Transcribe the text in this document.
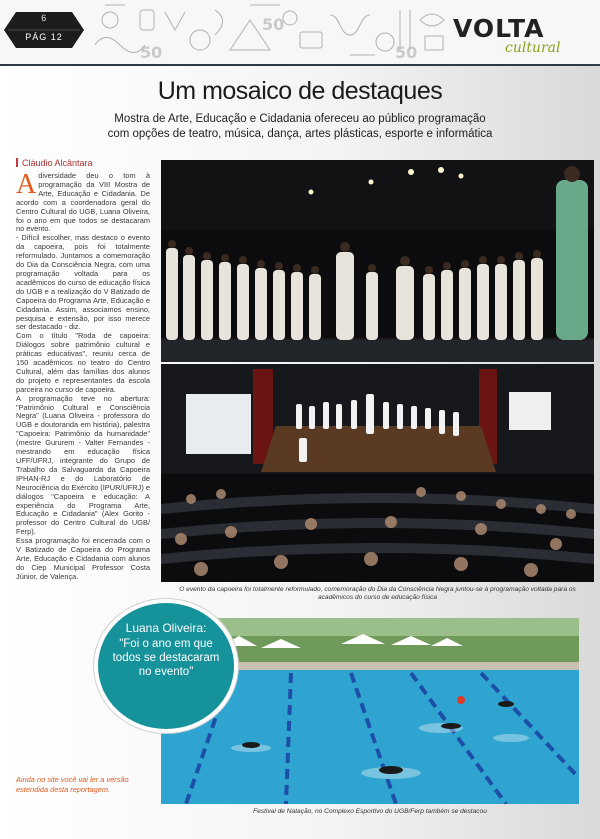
50
50
50
6
PÁG 12	VOLTA
cultural
Um mosaico de destaques
Mostra de Arte, Educação e Cidadania ofereceu ao público programação com opções de teatro, música, dança, artes plásticas, esporte e informática
Cláudio Alcântara

Adiversidade deu o tom à programação da VIII Mostra de Arte, Educação e Cidadania. De acordo com a coordenadora geral do Centro Cultural do UGB, Luana Oliveira, foi o ano em que todos se destacaram no evento.

- Difícil escolher, mas destaco o evento da capoeira, pois foi totalmente reformulado. Juntamos a comemoração do Dia da Consciência Negra, com uma programação voltada para os acadêmicos do curso de educação física do UGB e a realização do V Batizado de Capoeira do Programa Arte, Educação e Cidadania. Assim, associamos ensino, pesquisa e extensão, por isso merece ser destacado - diz.

Com o título "Roda de capoeira: Diálogos sobre patrimônio cultural e práticas educativas", reuniu cerca de 150 acadêmicos no teatro do Centro Cultural, além das famílias dos alunos do projeto e representantes da escola parceira no curso de capoeira.

A programação teve no abertura: "Patrimônio Cultural e Consciência Negra" (Luana Oliveira - professora do UGB e doutoranda em história), palestra "Capoeira: Patrimônio da humanidade" (mestre Gururem - Valter Fernandes - mestrando em educação física UFF/UFRJ, integrante do Grupo de Trabalho da Salvaguarda da Capoeira IPHAN-RJ e do Laboratório de Neurociência do Exército (IPUR/UFRJ) e diálogos "Capoeira e educação: A experiência do Programa Arte, Educação e Cidadania" (Alex Gorito - professor do Centro Cultural do UGB/ Ferp).

Essa programação foi encerrada com o V Batizado de Capoeira do Programa Arte, Educação e Cidadania com alunos do Ciep Municipal Professor Costa Júnior, de Valença.

Ainda no site você vai ler a versão estendida desta reportagem.
O evento da capoeira foi totalmente reformulado, comemoração do Dia da Consciência Negra juntou-se à programação voltada para os acadêmicos do curso de educação física
Festival de Natação, no Complexo Esportivo do UGB/Ferp também se destacou
Luana Oliveira:
"Foi o ano em que todos se destacaram no evento"
